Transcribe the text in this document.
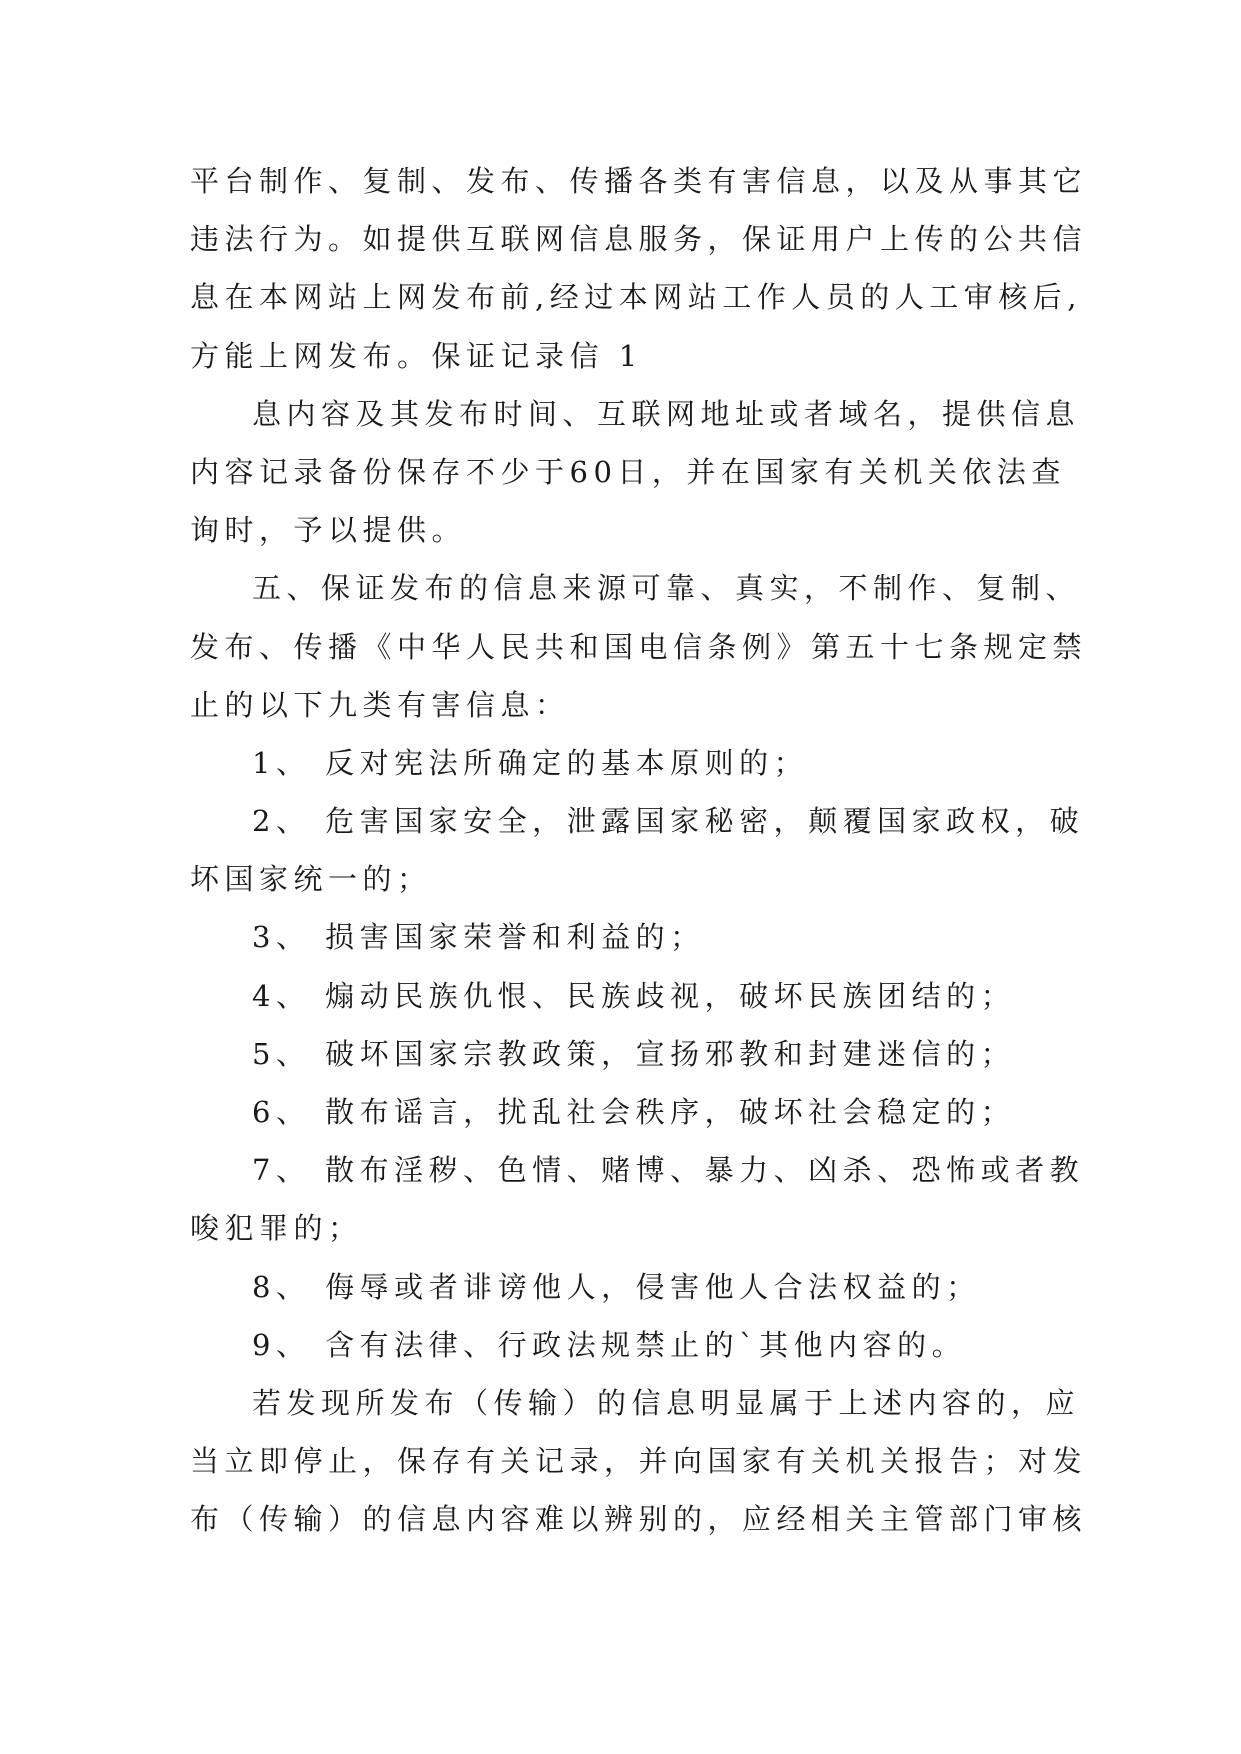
平台制作、复制、发布、传播各类有害信息，以及从事其它
违法行为。如提供互联网信息服务，保证用户上传的公共信
息在本网站上网发布前,经过本网站工作人员的人工审核后,
方能上网发布。保证记录信 1
息内容及其发布时间、互联网地址或者域名，提供信息
内容记录备份保存不少于60日，并在国家有关机关依法查
询时，予以提供。
五、保证发布的信息来源可靠、真实，不制作、复制、
发布、传播《中华人民共和国电信条例》第五十七条规定禁
止的以下九类有害信息：
1、 反对宪法所确定的基本原则的；
2、 危害国家安全，泄露国家秘密，颠覆国家政权，破
坏国家统一的；
3、 损害国家荣誉和利益的；
4、 煽动民族仇恨、民族歧视，破坏民族团结的；
5、 破坏国家宗教政策，宣扬邪教和封建迷信的；
6、 散布谣言，扰乱社会秩序，破坏社会稳定的；
7、 散布淫秽、色情、赌博、暴力、凶杀、恐怖或者教
唆犯罪的；
8、 侮辱或者诽谤他人，侵害他人合法权益的；
9、 含有法律、行政法规禁止的`其他内容的。
若发现所发布（传输）的信息明显属于上述内容的，应
当立即停止，保存有关记录，并向国家有关机关报告；对发
布（传输）的信息内容难以辨别的，应经相关主管部门审核
